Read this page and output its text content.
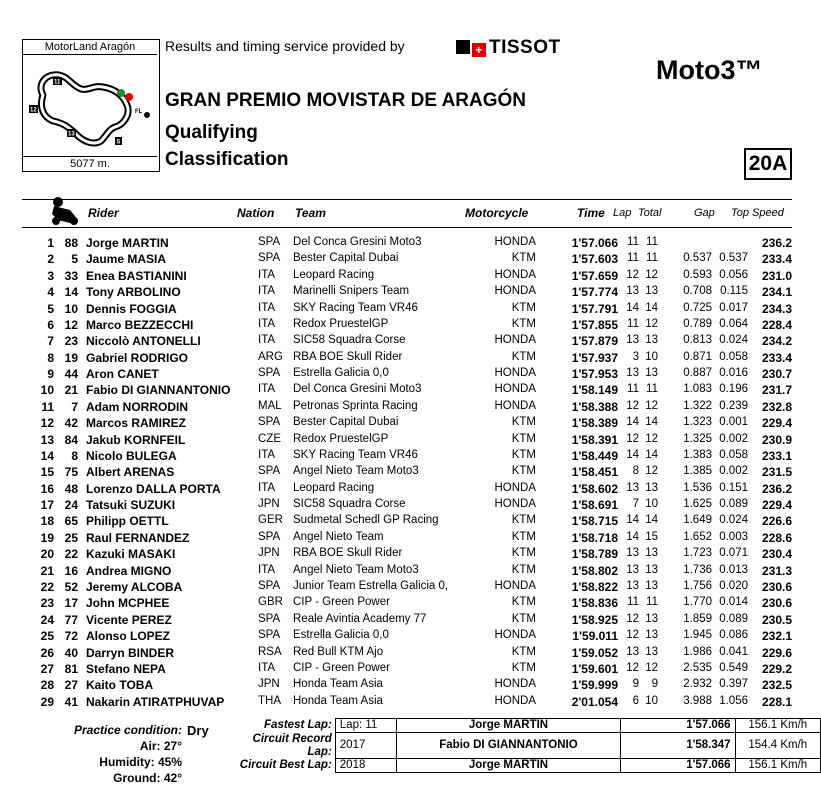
MotorLand Aragón
11
12
13
S
FL
5077 m.
Results and timing service provided by	+ TISSOT
Moto3™
GRAN PREMIO MOVISTAR DE ARAGÓN
Qualifying
Classification	20A
Rider	Nation Team	Motorcycle	Time Lap Total	Gap Top Speed
1 88 Jorge MARTIN	SPA Del Conca Gresini Moto3	HONDA	1'57.066 11 11	236.2
2	5 Jaume MASIA	SPA Bester Capital Dubai	KTM	1'57.603 11 11	0.537 0.537	233.4
3 33 Enea BASTIANINI	ITA Leopard Racing	HONDA	1'57.659 12 12	0.593 0.056	231.0
4 14 Tony ARBOLINO	ITA Marinelli Snipers Team	HONDA	1'57.774 13 13	0.708 0.115	234.1
5 10 Dennis FOGGIA	ITA SKY Racing Team VR46	KTM	1'57.791 14 14	0.725 0.017	234.3
6 12 Marco BEZZECCHI	ITA Redox PruestelGP	KTM	1'57.855 11 12	0.789 0.064	228.4
7 23 Niccolò ANTONELLI	ITA SIC58 Squadra Corse	HONDA	1'57.879 13 13	0.813 0.024	234.2
8 19 Gabriel RODRIGO	ARG RBA BOE Skull Rider	KTM	1'57.937	3 10	0.871 0.058	233.4
9 44 Aron CANET	SPA Estrella Galicia 0,0	HONDA	1'57.953 13 13	0.887 0.016	230.7
10 21 Fabio DI GIANNANTONIO ITA Del Conca Gresini Moto3	HONDA	1'58.149 11 11	1.083 0.196	231.7
11	7 Adam NORRODIN	MAL Petronas Sprinta Racing	HONDA	1'58.388 12 12	1.322 0.239	232.8
12 42 Marcos RAMIREZ	SPA Bester Capital Dubai	KTM	1'58.389 14 14	1.323 0.001	229.4
13 84 Jakub KORNFEIL	CZE Redox PruestelGP	KTM	1'58.391 12 12	1.325 0.002	230.9
14	8 Nicolo BULEGA	ITA SKY Racing Team VR46	KTM	1'58.449 14 14	1.383 0.058	233.1
15 75 Albert ARENAS	SPA Angel Nieto Team Moto3	KTM	1'58.451	8 12	1.385 0.002	231.5
16 48 Lorenzo DALLA PORTA	ITA Leopard Racing	HONDA	1'58.602 13 13	1.536 0.151	236.2
17 24 Tatsuki SUZUKI	JPN SIC58 Squadra Corse	HONDA	1'58.691	7 10	1.625 0.089	229.4
18 65 Philipp OETTL	GER Sudmetal Schedl GP Racing	KTM	1'58.715 14 14	1.649 0.024	226.6
19 25 Raul FERNANDEZ	SPA Angel Nieto Team	KTM	1'58.718 14 15	1.652 0.003	228.6
20 22 Kazuki MASAKI	JPN RBA BOE Skull Rider	KTM	1'58.789 13 13	1.723 0.071	230.4
21 16 Andrea MIGNO	ITA Angel Nieto Team Moto3	KTM	1'58.802 13 13	1.736 0.013	231.3
22 52 Jeremy ALCOBA	SPA Junior Team Estrella Galicia 0,	HONDA	1'58.822 13 13	1.756 0.020	230.6
23 17 John MCPHEE	GBR CIP - Green Power	KTM	1'58.836 11 11	1.770 0.014	230.6
24 77 Vicente PEREZ	SPA Reale Avintia Academy 77	KTM	1'58.925 12 13	1.859 0.089	230.5
25 72 Alonso LOPEZ	SPA Estrella Galicia 0,0	HONDA	1'59.011 12 13	1.945 0.086	232.1
26 40 Darryn BINDER	RSA Red Bull KTM Ajo	KTM	1'59.052 13 13	1.986 0.041	229.6
27 81 Stefano NEPA	ITA CIP - Green Power	KTM	1'59.601 12 12	2.535 0.549	229.2
28 27 Kaito TOBA	JPN Honda Team Asia	HONDA	1'59.999	9	9	2.932 0.397	232.5
29 41 Nakarin ATIRATPHUVAP	THA Honda Team Asia	HONDA	2'01.054	6 10	3.988 1.056	228.1
Practice condition: Dry
Air: 27°
Humidity: 45%
Ground: 42°
Fastest Lap:	Lap: 11	Jorge MARTIN	1'57.066	156.1 Km/h
Circuit Record Lap:	2017	Fabio DI GIANNANTONIO	1'58.347	154.4 Km/h
Circuit Best Lap:	2018	Jorge MARTIN	1'57.066	156.1 Km/h
